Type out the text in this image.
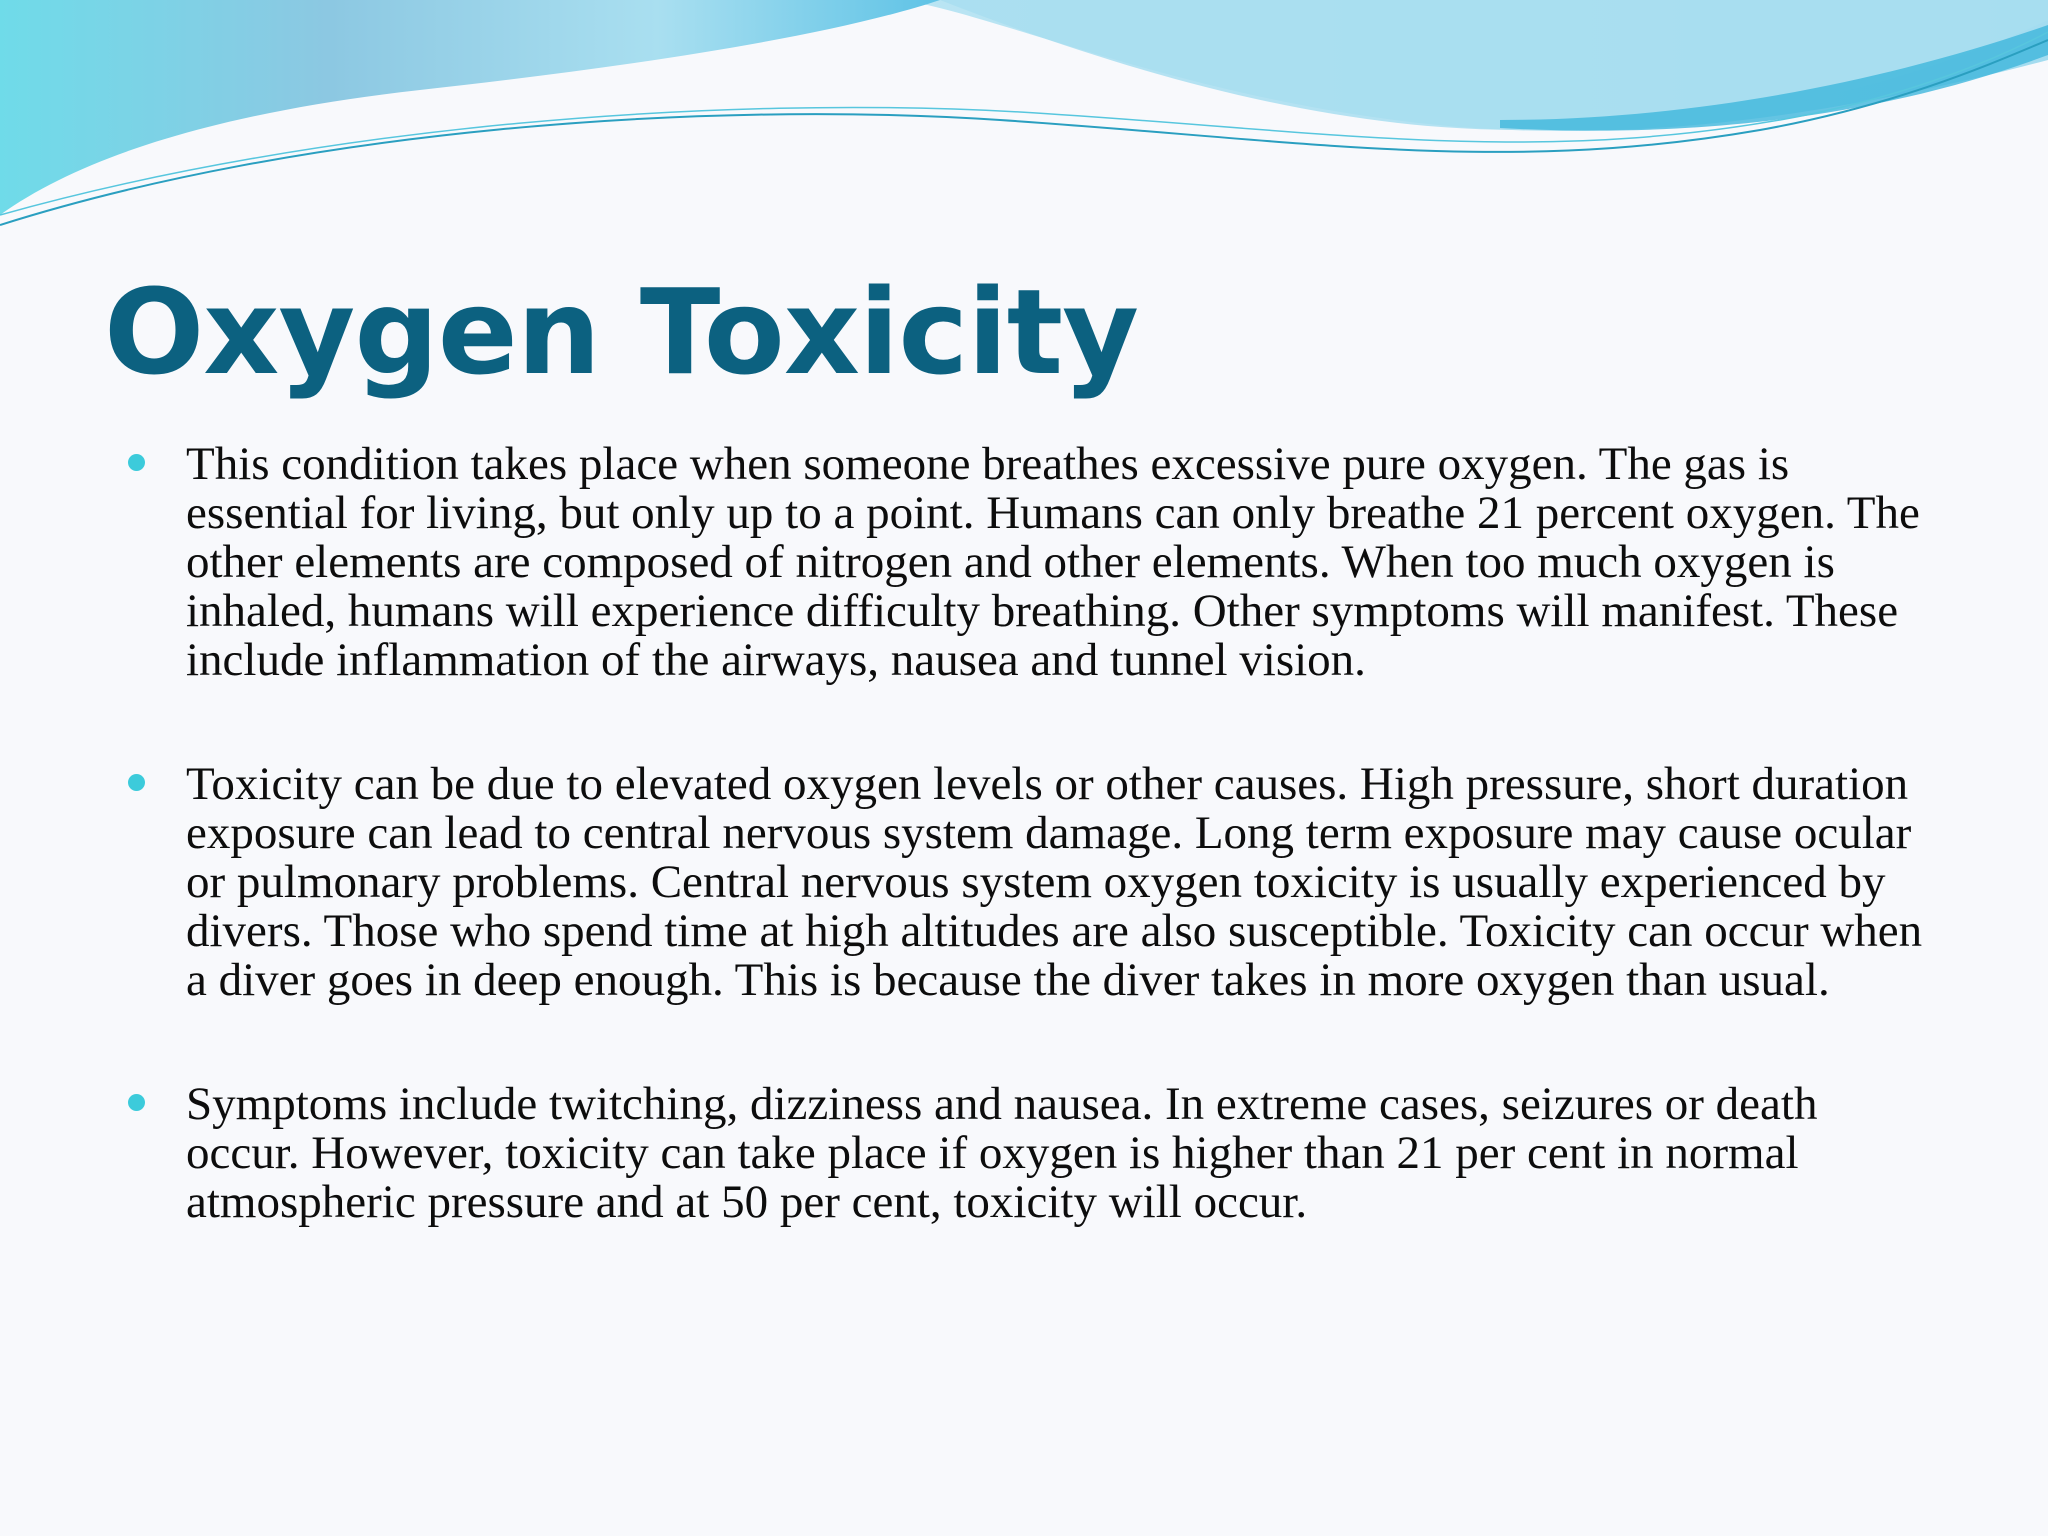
Oxygen Toxicity
This condition takes place when someone breathes excessive pure oxygen. The gas is essential for living, but only up to a point. Humans can only breathe 21 percent oxygen. The other elements are composed of nitrogen and other elements. When too much oxygen is inhaled, humans will experience difficulty breathing. Other symptoms will manifest. These include inflammation of the airways, nausea and tunnel vision.
Toxicity can be due to elevated oxygen levels or other causes. High pressure, short duration exposure can lead to central nervous system damage. Long term exposure may cause ocular or pulmonary problems. Central nervous system oxygen toxicity is usually experienced by divers. Those who spend time at high altitudes are also susceptible. Toxicity can occur when a diver goes in deep enough. This is because the diver takes in more oxygen than usual.
Symptoms include twitching, dizziness and nausea. In extreme cases, seizures or death occur. However, toxicity can take place if oxygen is higher than 21 per cent in normal atmospheric pressure and at 50 per cent, toxicity will occur.
